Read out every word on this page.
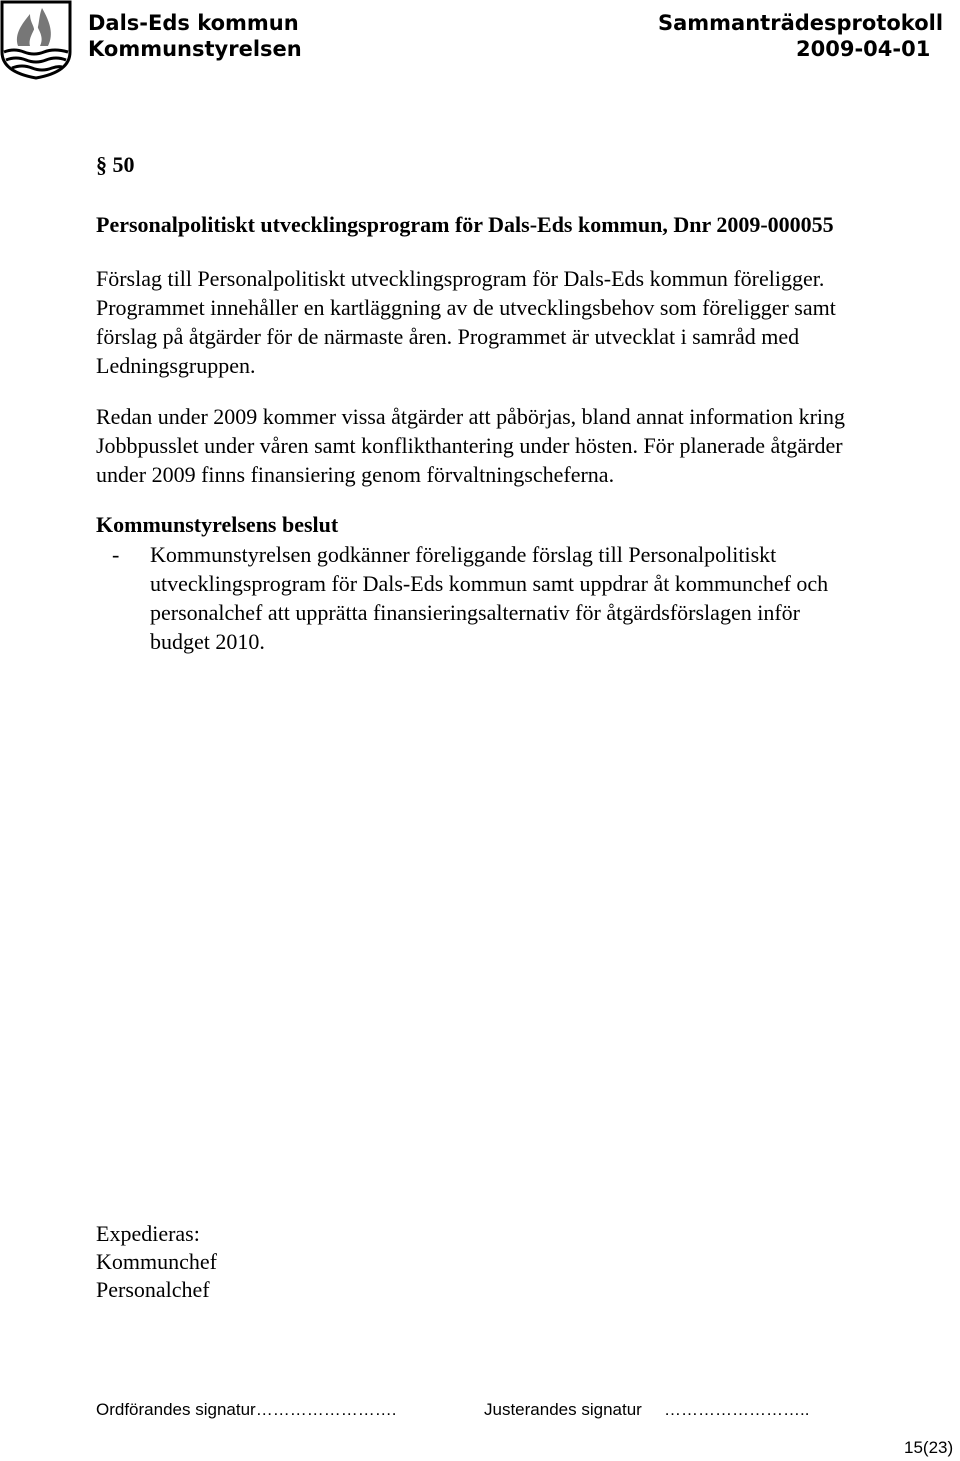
Dals-Eds kommun
Kommunstyrelsen
Sammanträdesprotokoll
2009-04-01
§ 50
Personalpolitiskt utvecklingsprogram för Dals-Eds kommun, Dnr 2009-000055
Förslag till Personalpolitiskt utvecklingsprogram för Dals-Eds kommun föreligger.
Programmet innehåller en kartläggning av de utvecklingsbehov som föreligger samt
förslag på åtgärder för de närmaste åren. Programmet är utvecklat i samråd med
Ledningsgruppen.
Redan under 2009 kommer vissa åtgärder att påbörjas, bland annat information kring
Jobbpusslet under våren samt konflikthantering under hösten. För planerade åtgärder
under 2009 finns finansiering genom förvaltningscheferna.
Kommunstyrelsens beslut
- Kommunstyrelsen godkänner föreliggande förslag till Personalpolitiskt
utvecklingsprogram för Dals-Eds kommun samt uppdrar åt kommunchef och
personalchef att upprätta finansieringsalternativ för åtgärdsförslagen inför
budget 2010.
Expedieras:
Kommunchef
Personalchef
Ordförandes signatur…………………….	Justerandes signatur ……………………..
15(23)
